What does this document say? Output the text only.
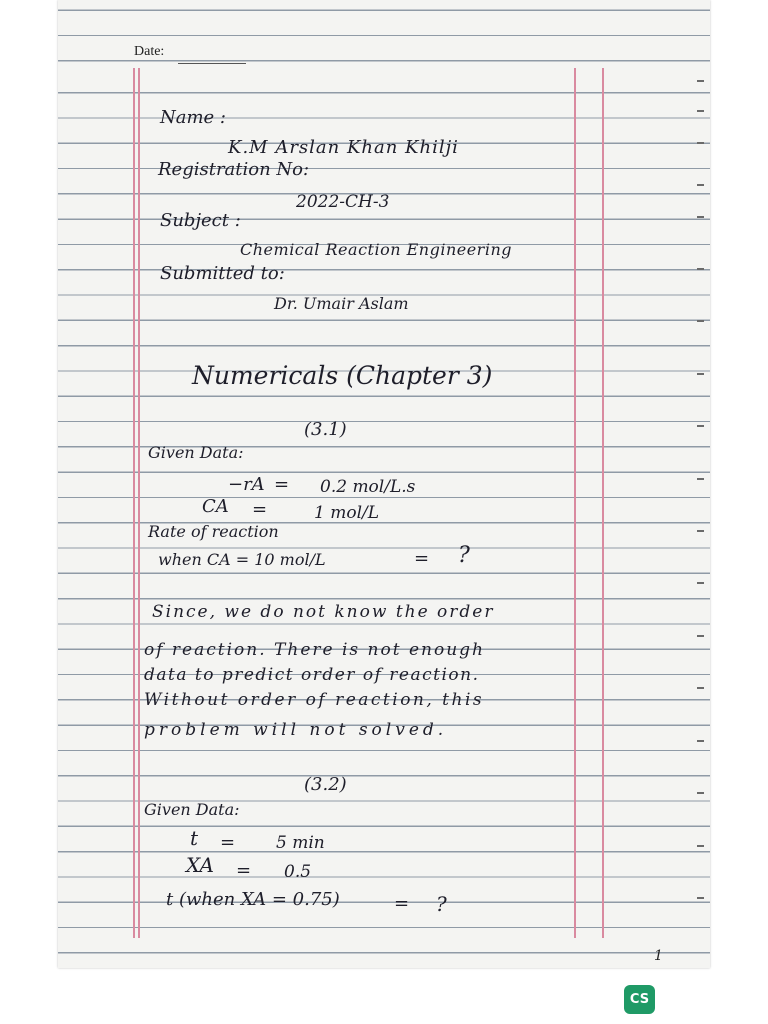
Date:
Name :
K.M Arslan Khan Khilji
Registration No:
2022-CH-3
Subject :
Chemical Reaction Engineering
Submitted to:
Dr. Umair Aslam
Numericals (Chapter 3)
(3.1)
Given Data:
−rA = 0.2 mol/L.s
CA =	1 mol/L
Rate of reaction
when CA = 10 mol/L	= ?
Since, we do not know the order
of reaction. There is not enough
data to predict order of reaction.
Without order of reaction, this
problem will not solved.
(3.2)
Given Data:
t = 5 min
XA = 0.5
t (when XA = 0.75)	= ?
1
CS
